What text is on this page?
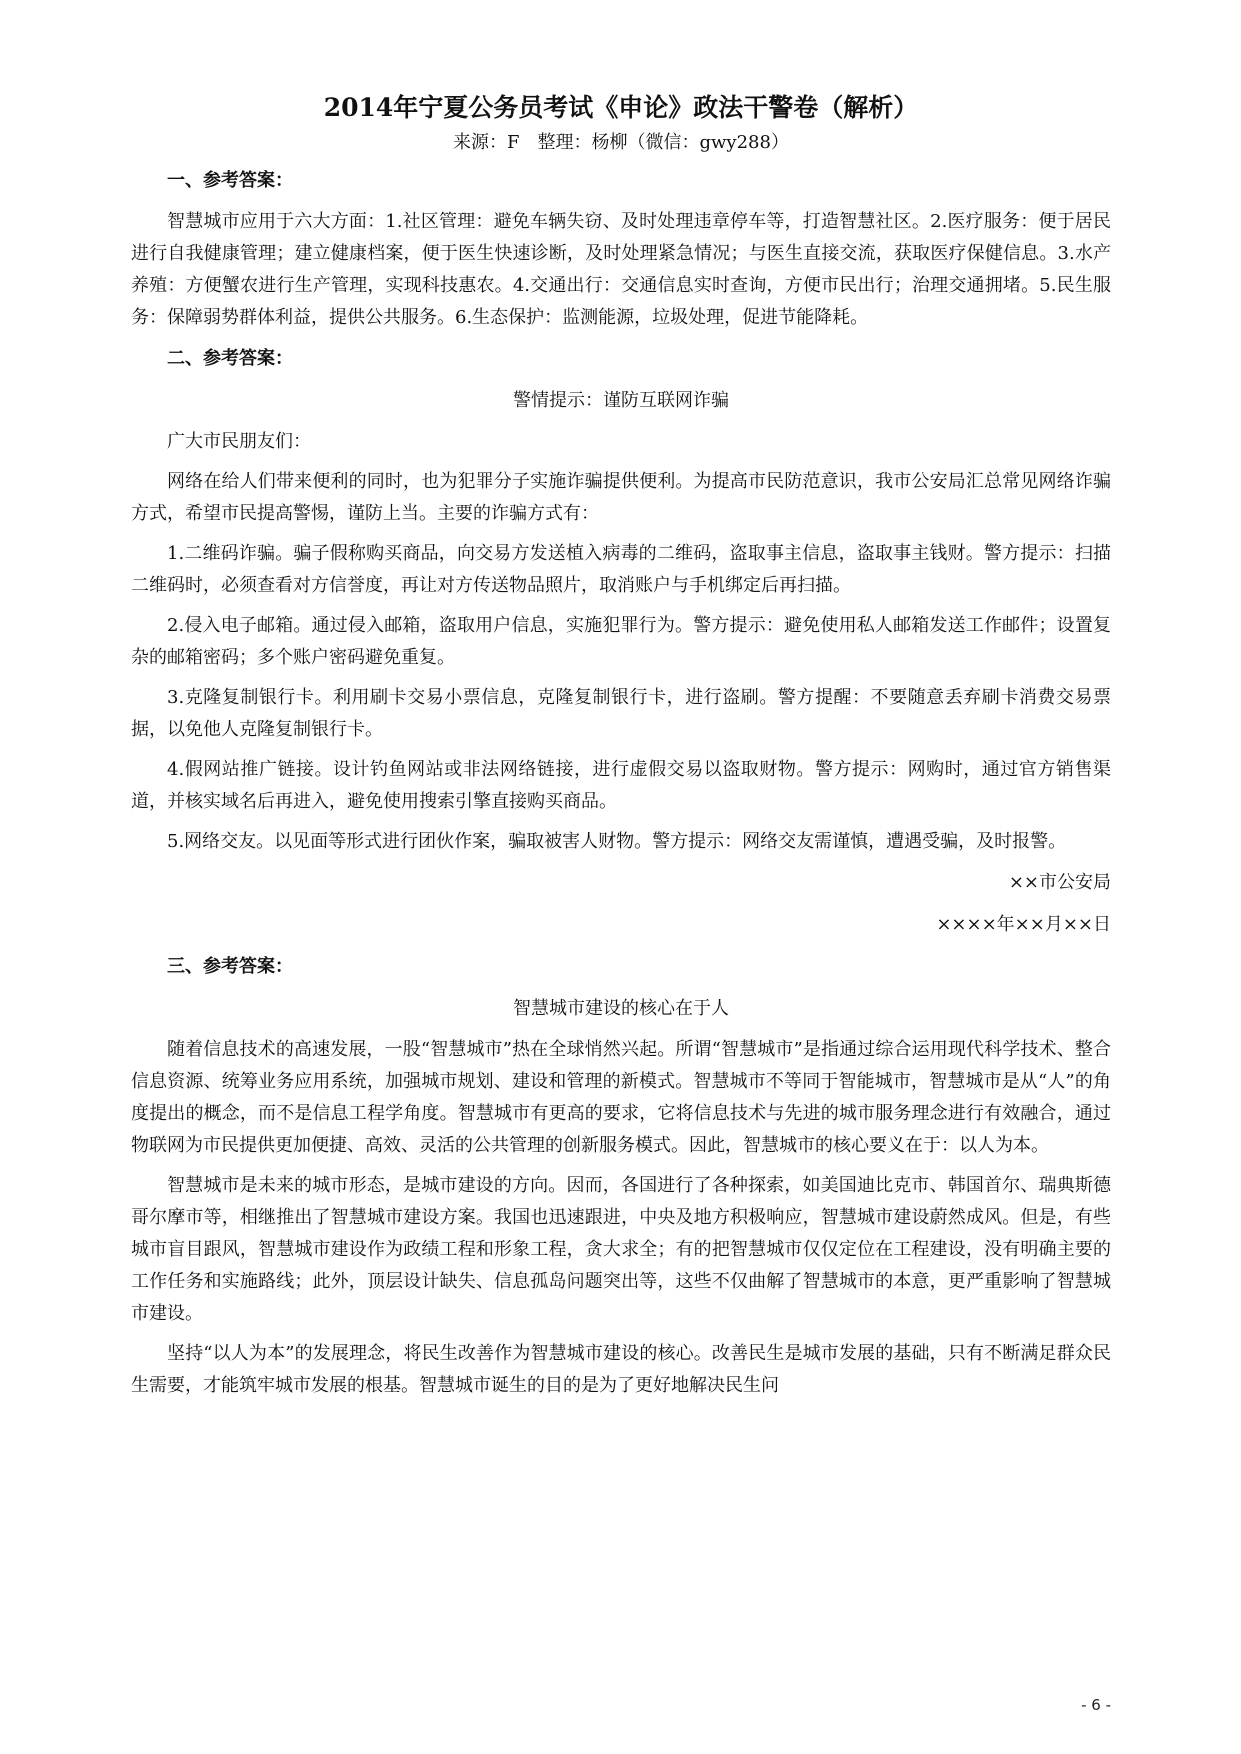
2014年宁夏公务员考试《申论》政法干警卷（解析）

来源：F　整理：杨柳（微信：gwy288）

一、参考答案：

智慧城市应用于六大方面：1.社区管理：避免车辆失窃、及时处理违章停车等，打造智慧社区。2.医疗服务：便于居民进行自我健康管理；建立健康档案，便于医生快速诊断，及时处理紧急情况；与医生直接交流，获取医疗保健信息。3.水产养殖：方便蟹农进行生产管理，实现科技惠农。4.交通出行：交通信息实时查询，方便市民出行；治理交通拥堵。5.民生服务：保障弱势群体利益，提供公共服务。6.生态保护：监测能源，垃圾处理，促进节能降耗。

二、参考答案：

警情提示：谨防互联网诈骗

广大市民朋友们：

网络在给人们带来便利的同时，也为犯罪分子实施诈骗提供便利。为提高市民防范意识，我市公安局汇总常见网络诈骗方式，希望市民提高警惕，谨防上当。主要的诈骗方式有：

1.二维码诈骗。骗子假称购买商品，向交易方发送植入病毒的二维码，盗取事主信息，盗取事主钱财。警方提示：扫描二维码时，必须查看对方信誉度，再让对方传送物品照片，取消账户与手机绑定后再扫描。

2.侵入电子邮箱。通过侵入邮箱，盗取用户信息，实施犯罪行为。警方提示：避免使用私人邮箱发送工作邮件；设置复杂的邮箱密码；多个账户密码避免重复。

3.克隆复制银行卡。利用刷卡交易小票信息，克隆复制银行卡，进行盗刷。警方提醒：不要随意丢弃刷卡消费交易票据，以免他人克隆复制银行卡。

4.假网站推广链接。设计钓鱼网站或非法网络链接，进行虚假交易以盗取财物。警方提示：网购时，通过官方销售渠道，并核实域名后再进入，避免使用搜索引擎直接购买商品。

5.网络交友。以见面等形式进行团伙作案，骗取被害人财物。警方提示：网络交友需谨慎，遭遇受骗，及时报警。

××市公安局

××××年××月××日

三、参考答案：

智慧城市建设的核心在于人

随着信息技术的高速发展，一股“智慧城市”热在全球悄然兴起。所谓“智慧城市”是指通过综合运用现代科学技术、整合信息资源、统筹业务应用系统，加强城市规划、建设和管理的新模式。智慧城市不等同于智能城市，智慧城市是从“人”的角度提出的概念，而不是信息工程学角度。智慧城市有更高的要求，它将信息技术与先进的城市服务理念进行有效融合，通过物联网为市民提供更加便捷、高效、灵活的公共管理的创新服务模式。因此，智慧城市的核心要义在于：以人为本。

智慧城市是未来的城市形态，是城市建设的方向。因而，各国进行了各种探索，如美国迪比克市、韩国首尔、瑞典斯德哥尔摩市等，相继推出了智慧城市建设方案。我国也迅速跟进，中央及地方积极响应，智慧城市建设蔚然成风。但是，有些城市盲目跟风，智慧城市建设作为政绩工程和形象工程，贪大求全；有的把智慧城市仅仅定位在工程建设，没有明确主要的工作任务和实施路线；此外，顶层设计缺失、信息孤岛问题突出等，这些不仅曲解了智慧城市的本意，更严重影响了智慧城市建设。

坚持“以人为本”的发展理念，将民生改善作为智慧城市建设的核心。改善民生是城市发展的基础，只有不断满足群众民生需要，才能筑牢城市发展的根基。智慧城市诞生的目的是为了更好地解决民生问

- 6 -
